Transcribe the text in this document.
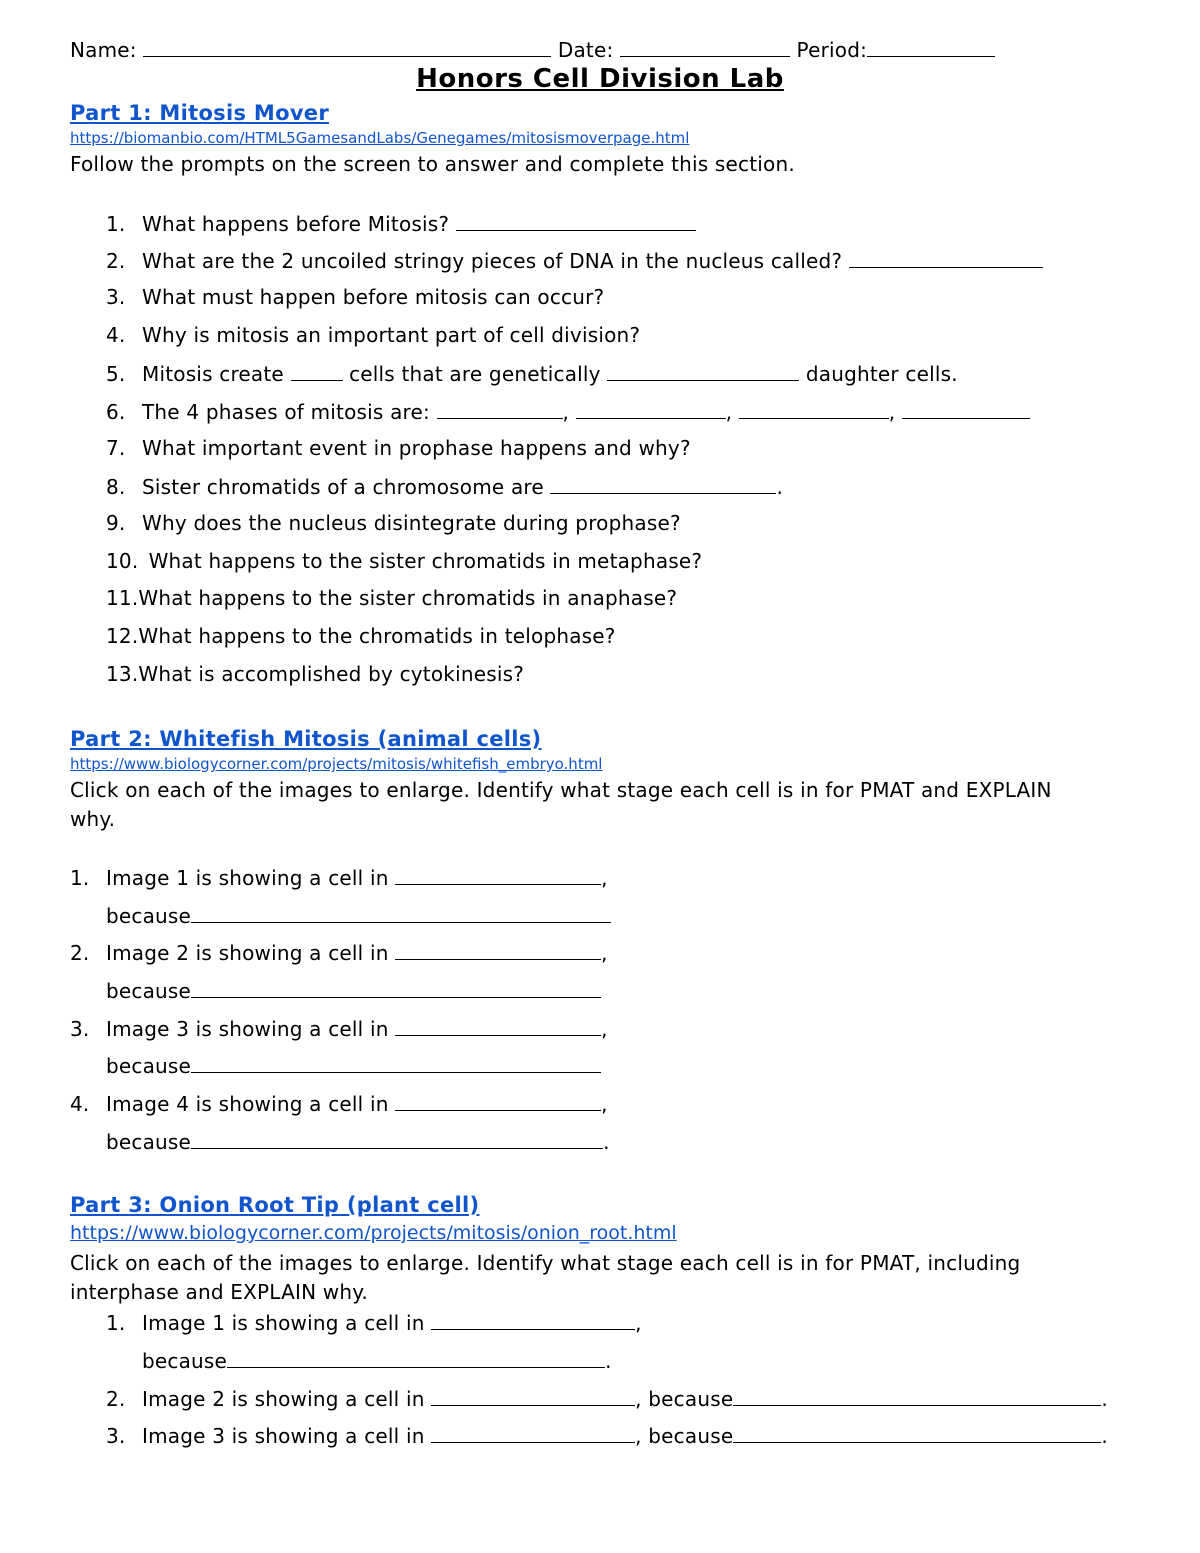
Name:	Date:	Period:
Honors Cell Division Lab
Part 1: Mitosis Mover
https://biomanbio.com/HTML5GamesandLabs/Genegames/mitosismoverpage.html
Follow the prompts on the screen to answer and complete this section.
1. What happens before Mitosis?
2. What are the 2 uncoiled stringy pieces of DNA in the nucleus called?
3. What must happen before mitosis can occur?
4. Why is mitosis an important part of cell division?
5. Mitosis create	cells that are genetically	daughter cells.
6. The 4 phases of mitosis are:	,	,	,
7. What important event in prophase happens and why?
8. Sister chromatids of a chromosome are	.
9. Why does the nucleus disintegrate during prophase?
10. What happens to the sister chromatids in metaphase?
11.What happens to the sister chromatids in anaphase?
12.What happens to the chromatids in telophase?
13.What is accomplished by cytokinesis?
Part 2: Whitefish Mitosis (animal cells)
https://www.biologycorner.com/projects/mitosis/whitefish_embryo.html
Click on each of the images to enlarge. Identify what stage each cell is in for PMAT and EXPLAIN
why.
1. Image 1 is showing a cell in	,
because
2. Image 2 is showing a cell in	,
because
3. Image 3 is showing a cell in	,
because
4. Image 4 is showing a cell in	,
because	.
Part 3: Onion Root Tip (plant cell)
https://www.biologycorner.com/projects/mitosis/onion_root.html
Click on each of the images to enlarge. Identify what stage each cell is in for PMAT, including
interphase and EXPLAIN why.
1. Image 1 is showing a cell in	,
because	.
2. Image 2 is showing a cell in	, because	.
3. Image 3 is showing a cell in	, because	.
